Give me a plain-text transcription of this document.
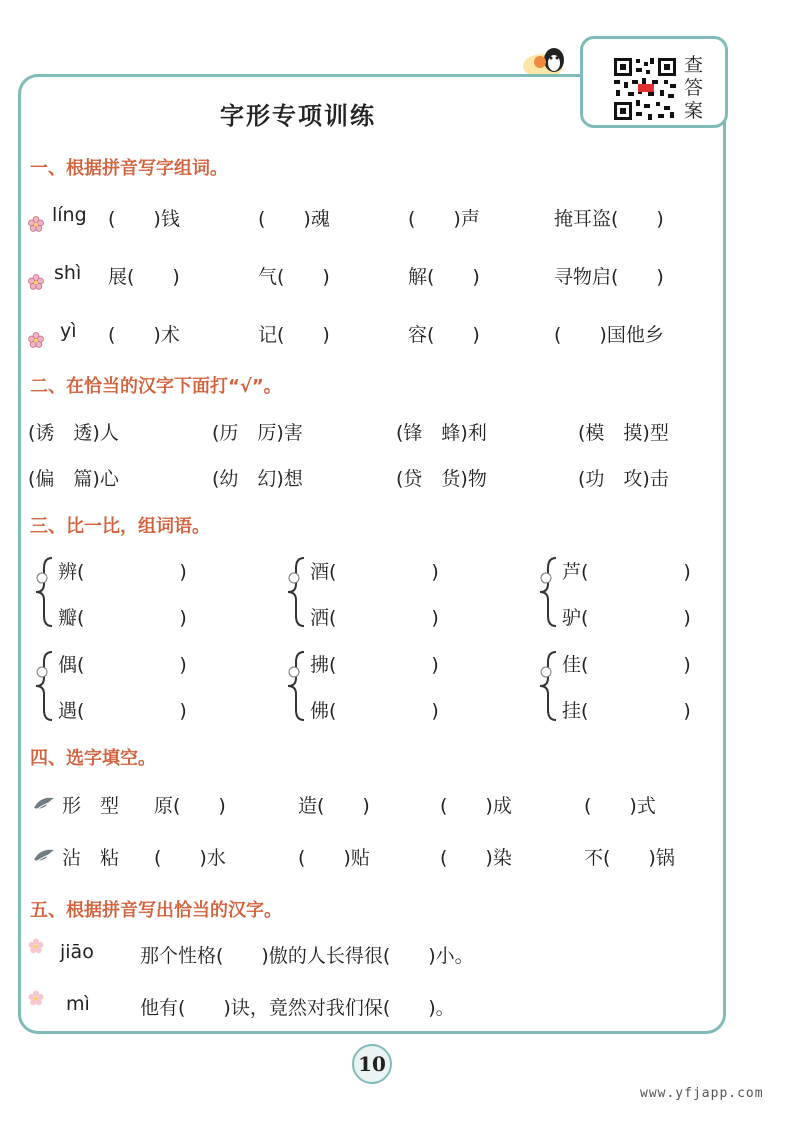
查答案
字形专项训练
一、根据拼音写字组词。
líng (　　)钱	(　　)魂	(　　)声	掩耳盗(　　)
shì 展(　　)	气(　　)	解(　　)	寻物启(　　)
yì (　　)术	记(　　)	容(　　)	(　　)国他乡
二、在恰当的汉字下面打“√”。
(诱　透)人	(历　厉)害	(锋　蜂)利	(模　摸)型
(偏　篇)心	(幼　幻)想	(贷　货)物	(功　攻)击
三、比一比，组词语。
辨(　　　　　)
瓣(　　　　　)
酒(　　　　　)
洒(　　　　　)
芦(　　　　　)
驴(　　　　　)
偶(　　　　　)
遇(　　　　　)
拂(　　　　　)
佛(　　　　　)
佳(　　　　　)
挂(　　　　　)
四、选字填空。
形　型 原(　　)	造(　　)	(　　)成	(　　)式
沾　粘 (　　)水	(　　)贴	(　　)染	不(　　)锅
五、根据拼音写出恰当的汉字。
jiāo 那个性格(　　)傲的人长得很(　　)小。
mì	他有(　　)诀，竟然对我们保(　　)。
10
www.yfjapp.com
